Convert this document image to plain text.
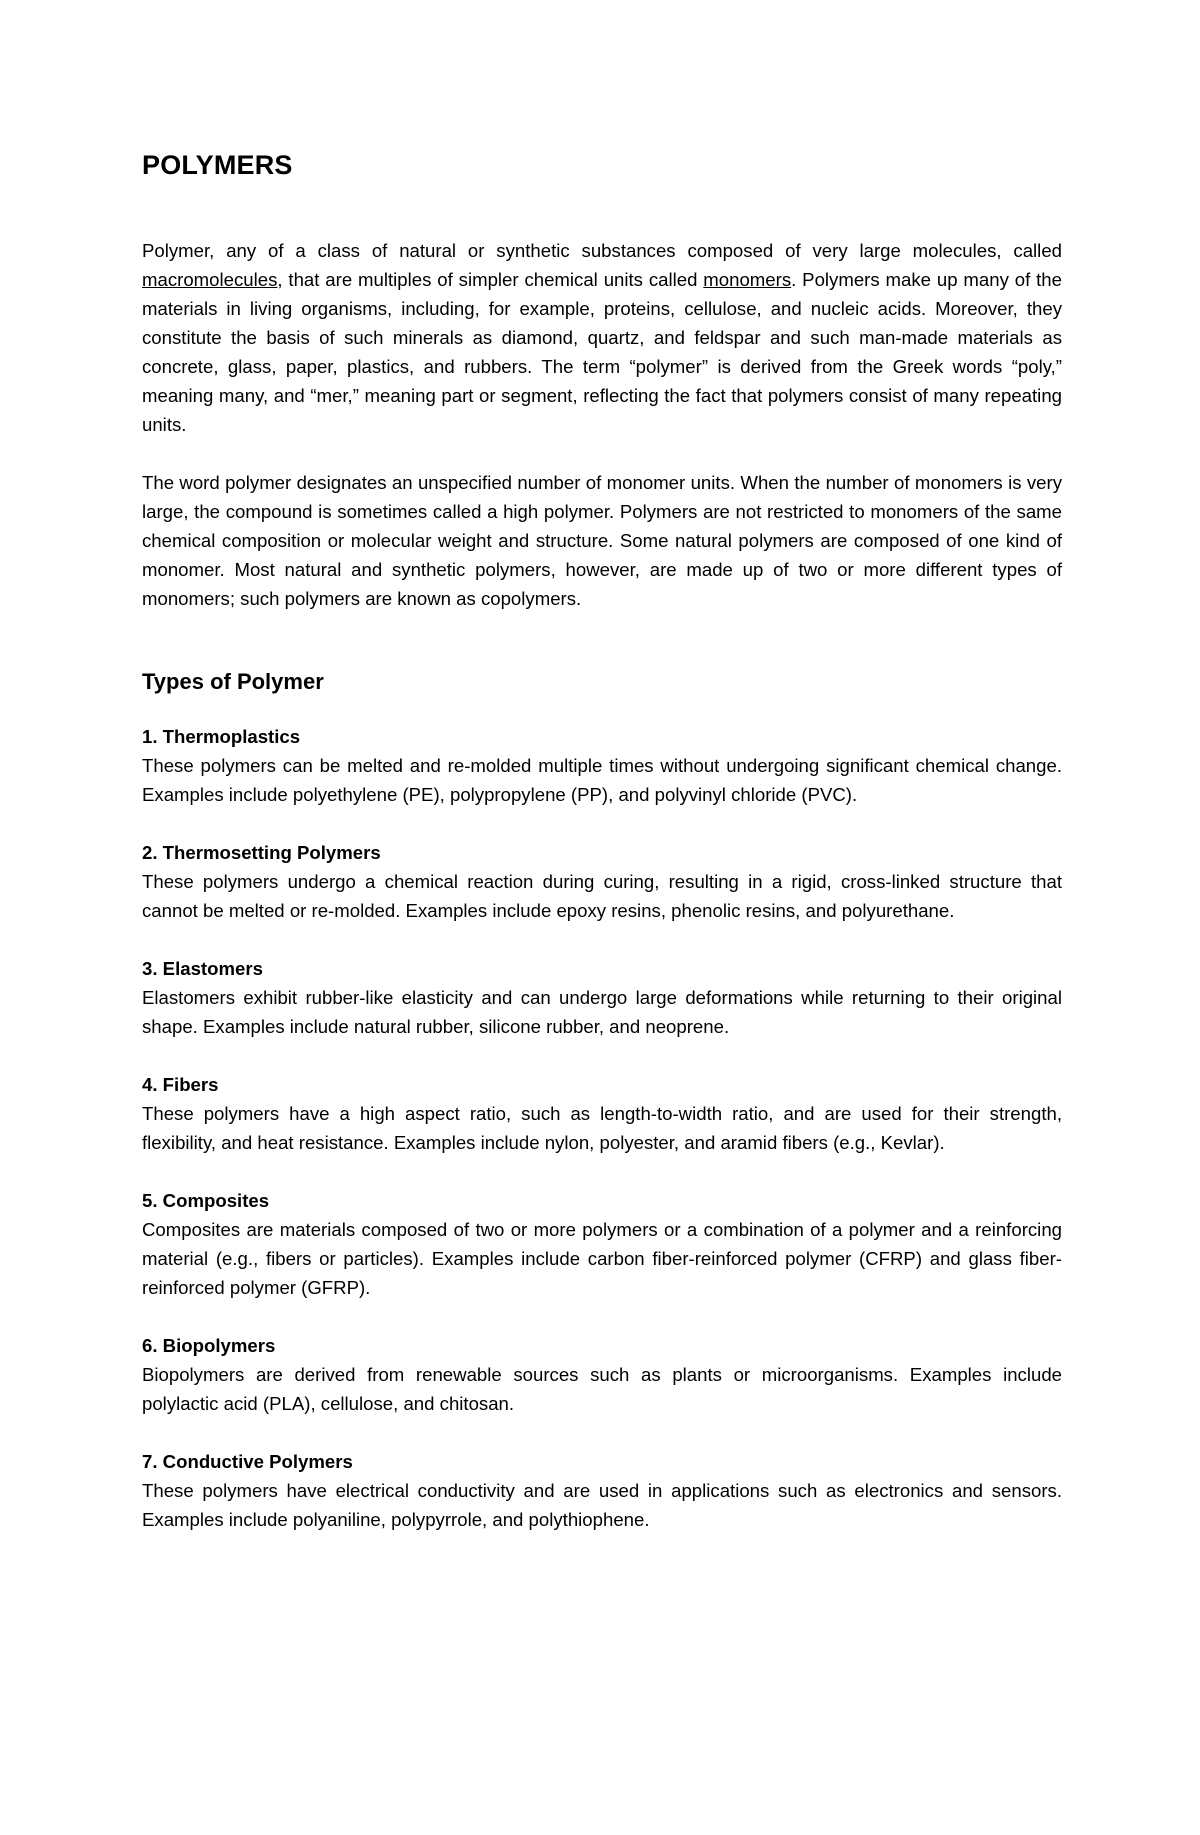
POLYMERS

Polymer, any of a class of natural or synthetic substances composed of very large molecules, called macromolecules, that are multiples of simpler chemical units called monomers. Polymers make up many of the materials in living organisms, including, for example, proteins, cellulose, and nucleic acids. Moreover, they constitute the basis of such minerals as diamond, quartz, and feldspar and such man-made materials as concrete, glass, paper, plastics, and rubbers. The term “polymer” is derived from the Greek words “poly,” meaning many, and “mer,” meaning part or segment, reflecting the fact that polymers consist of many repeating units.

The word polymer designates an unspecified number of monomer units. When the number of monomers is very large, the compound is sometimes called a high polymer. Polymers are not restricted to monomers of the same chemical composition or molecular weight and structure. Some natural polymers are composed of one kind of monomer. Most natural and synthetic polymers, however, are made up of two or more different types of monomers; such polymers are known as copolymers.

Types of Polymer

1. Thermoplastics

These polymers can be melted and re-molded multiple times without undergoing significant chemical change. Examples include polyethylene (PE), polypropylene (PP), and polyvinyl chloride (PVC).

2. Thermosetting Polymers

These polymers undergo a chemical reaction during curing, resulting in a rigid, cross-linked structure that cannot be melted or re-molded. Examples include epoxy resins, phenolic resins, and polyurethane.

3. Elastomers

Elastomers exhibit rubber-like elasticity and can undergo large deformations while returning to their original shape. Examples include natural rubber, silicone rubber, and neoprene.

4. Fibers

These polymers have a high aspect ratio, such as length-to-width ratio, and are used for their strength, flexibility, and heat resistance. Examples include nylon, polyester, and aramid fibers (e.g., Kevlar).

5. Composites

Composites are materials composed of two or more polymers or a combination of a polymer and a reinforcing material (e.g., fibers or particles). Examples include carbon fiber-reinforced polymer (CFRP) and glass fiber-reinforced polymer (GFRP).

6. Biopolymers

Biopolymers are derived from renewable sources such as plants or microorganisms. Examples include polylactic acid (PLA), cellulose, and chitosan.

7. Conductive Polymers

These polymers have electrical conductivity and are used in applications such as electronics and sensors. Examples include polyaniline, polypyrrole, and polythiophene.
